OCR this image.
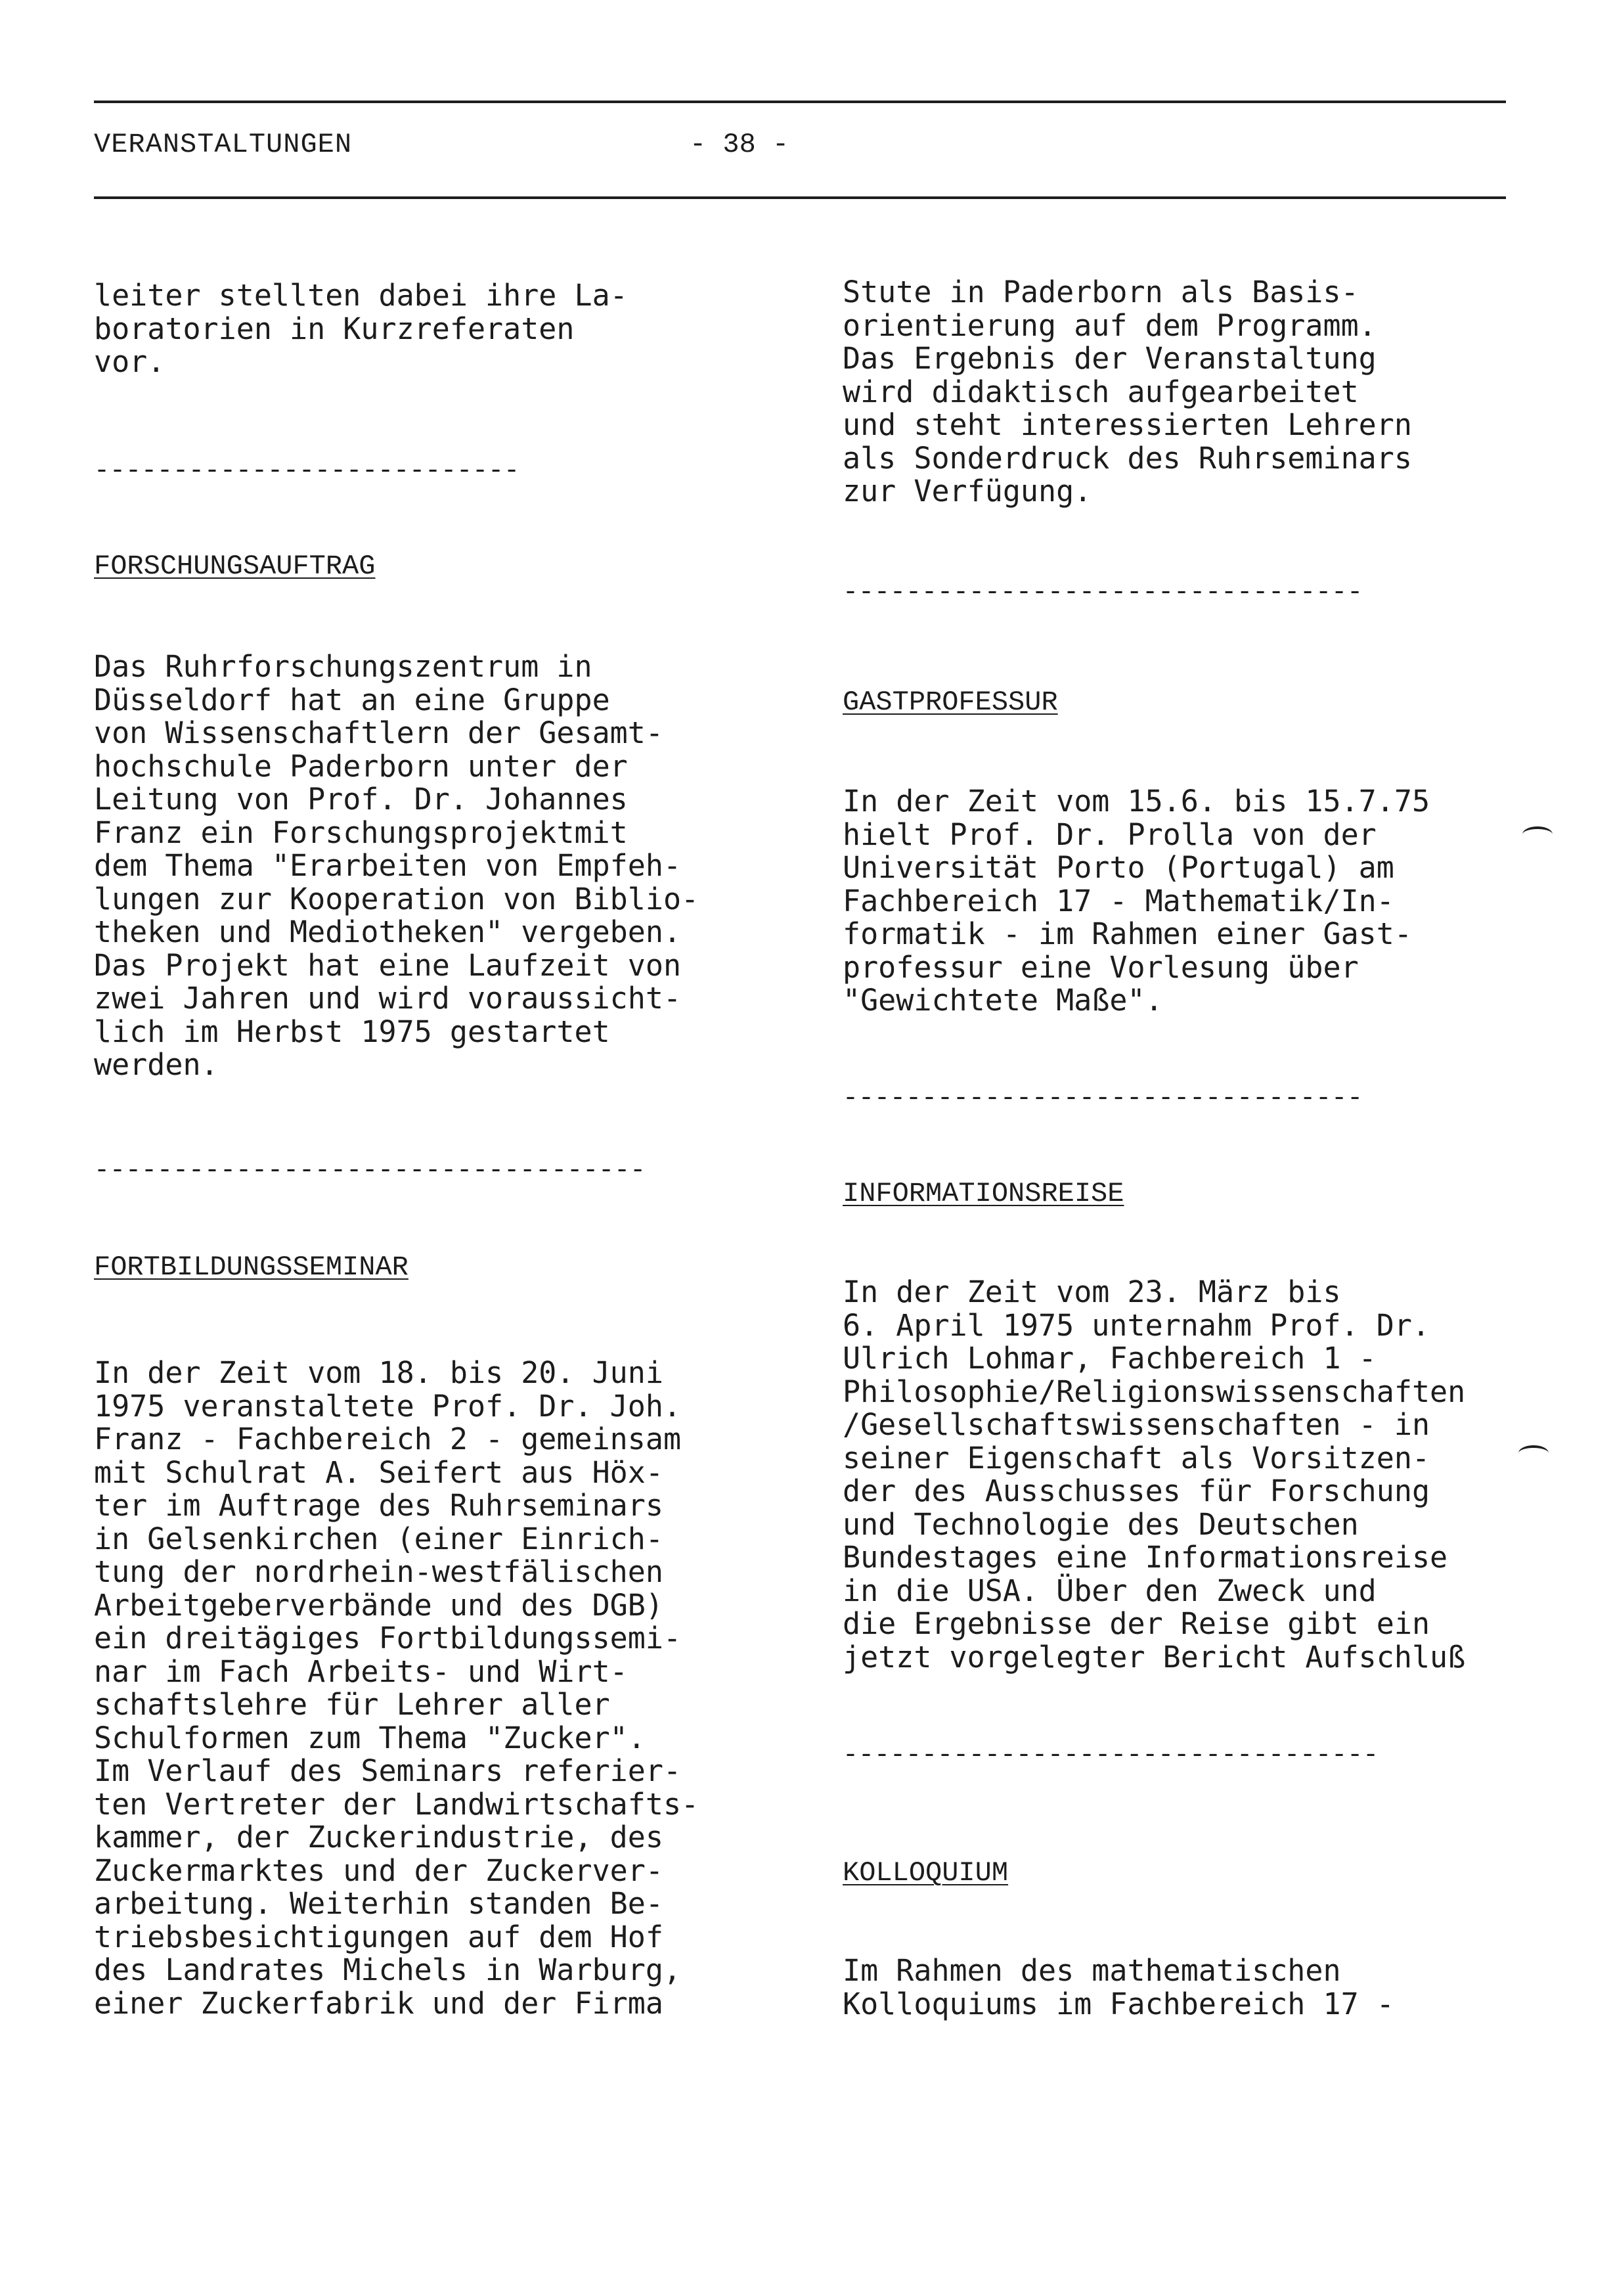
VERANSTALTUNGEN	- 38 -
leiter stellten dabei ihre La-
boratorien in Kurzreferaten
vor.
---------------------------
FORSCHUNGSAUFTRAG
Das Ruhrforschungszentrum in
Düsseldorf hat an eine Gruppe
von Wissenschaftlern der Gesamt-
hochschule Paderborn unter der
Leitung von Prof. Dr. Johannes
Franz ein Forschungsprojektmit
dem Thema "Erarbeiten von Empfeh-
lungen zur Kooperation von Biblio-
theken und Mediotheken" vergeben.
Das Projekt hat eine Laufzeit von
zwei Jahren und wird voraussicht-
lich im Herbst 1975 gestartet
werden.
-----------------------------------
FORTBILDUNGSSEMINAR
In der Zeit vom 18. bis 20. Juni
1975 veranstaltete Prof. Dr. Joh.
Franz - Fachbereich 2 - gemeinsam
mit Schulrat A. Seifert aus Höx-
ter im Auftrage des Ruhrseminars
in Gelsenkirchen (einer Einrich-
tung der nordrhein-westfälischen
Arbeitgeberverbände und des DGB)
ein dreitägiges Fortbildungssemi-
nar im Fach Arbeits- und Wirt-
schaftslehre für Lehrer aller
Schulformen zum Thema "Zucker".
Im Verlauf des Seminars referier-
ten Vertreter der Landwirtschafts-
kammer, der Zuckerindustrie, des
Zuckermarktes und der Zuckerver-
arbeitung. Weiterhin standen Be-
triebsbesichtigungen auf dem Hof
des Landrates Michels in Warburg,
einer Zuckerfabrik und der Firma
Stute in Paderborn als Basis-
orientierung auf dem Programm.
Das Ergebnis der Veranstaltung
wird didaktisch aufgearbeitet
und steht interessierten Lehrern
als Sonderdruck des Ruhrseminars
zur Verfügung.
---------------------------------
GASTPROFESSUR
In der Zeit vom 15.6. bis 15.7.75
hielt Prof. Dr. Prolla von der
Universität Porto (Portugal) am
Fachbereich 17 - Mathematik/In-
formatik - im Rahmen einer Gast-
professur eine Vorlesung über
"Gewichtete Maße".
---------------------------------
INFORMATIONSREISE
In der Zeit vom 23. März bis
6. April 1975 unternahm Prof. Dr.
Ulrich Lohmar, Fachbereich 1 -
Philosophie/Religionswissenschaften
/Gesellschaftswissenschaften - in
seiner Eigenschaft als Vorsitzen-
der des Ausschusses für Forschung
und Technologie des Deutschen
Bundestages eine Informationsreise
in die USA. Über den Zweck und
die Ergebnisse der Reise gibt ein
jetzt vorgelegter Bericht Aufschluß
----------------------------------
KOLLOQUIUM
Im Rahmen des mathematischen
Kolloquiums im Fachbereich 17 -
